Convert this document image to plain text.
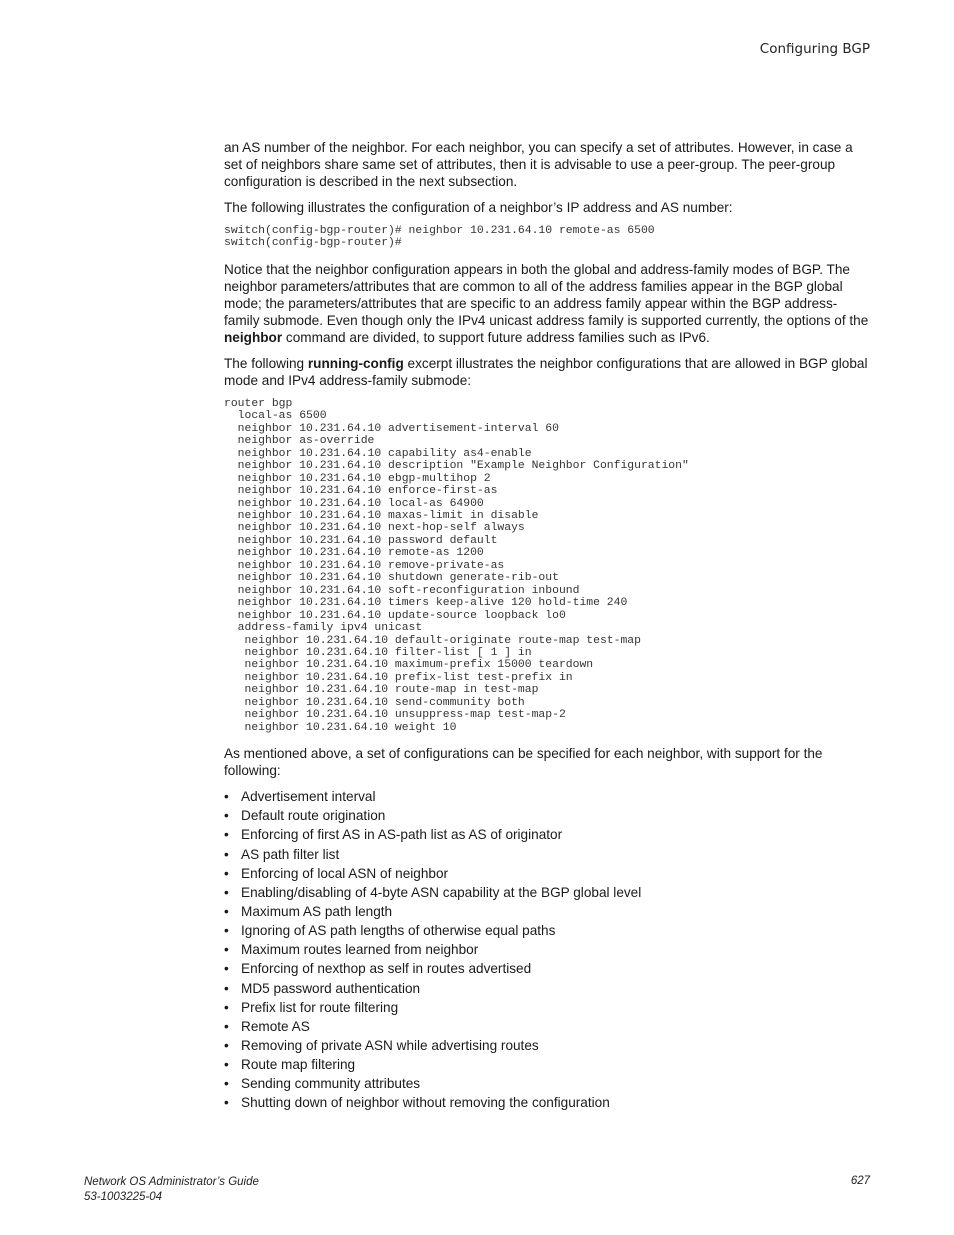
Configuring BGP

an AS number of the neighbor. For each neighbor, you can specify a set of attributes. However, in case a set of neighbors share same set of attributes, then it is advisable to use a peer-group. The peer-group configuration is described in the next subsection.

The following illustrates the configuration of a neighbor’s IP address and AS number:

switch(config-bgp-router)# neighbor 10.231.64.10 remote-as 6500
switch(config-bgp-router)#

Notice that the neighbor configuration appears in both the global and address-family modes of BGP. The neighbor parameters/attributes that are common to all of the address families appear in the BGP global mode; the parameters/attributes that are specific to an address family appear within the BGP address-family submode. Even though only the IPv4 unicast address family is supported currently, the options of the neighbor command are divided, to support future address families such as IPv6.

The following running-config excerpt illustrates the neighbor configurations that are allowed in BGP global mode and IPv4 address-family submode:

router bgp
local-as 6500
neighbor 10.231.64.10 advertisement-interval 60
neighbor as-override
neighbor 10.231.64.10 capability as4-enable
neighbor 10.231.64.10 description "Example Neighbor Configuration"
neighbor 10.231.64.10 ebgp-multihop 2
neighbor 10.231.64.10 enforce-first-as
neighbor 10.231.64.10 local-as 64900
neighbor 10.231.64.10 maxas-limit in disable
neighbor 10.231.64.10 next-hop-self always
neighbor 10.231.64.10 password default
neighbor 10.231.64.10 remote-as 1200
neighbor 10.231.64.10 remove-private-as
neighbor 10.231.64.10 shutdown generate-rib-out
neighbor 10.231.64.10 soft-reconfiguration inbound
neighbor 10.231.64.10 timers keep-alive 120 hold-time 240
neighbor 10.231.64.10 update-source loopback lo0
address-family ipv4 unicast
neighbor 10.231.64.10 default-originate route-map test-map
neighbor 10.231.64.10 filter-list [ 1 ] in
neighbor 10.231.64.10 maximum-prefix 15000 teardown
neighbor 10.231.64.10 prefix-list test-prefix in
neighbor 10.231.64.10 route-map in test-map
neighbor 10.231.64.10 send-community both
neighbor 10.231.64.10 unsuppress-map test-map-2
neighbor 10.231.64.10 weight 10

As mentioned above, a set of configurations can be specified for each neighbor, with support for the following:

• Advertisement interval
• Default route origination
• Enforcing of first AS in AS-path list as AS of originator
• AS path filter list
• Enforcing of local ASN of neighbor
• Enabling/disabling of 4-byte ASN capability at the BGP global level
• Maximum AS path length
• Ignoring of AS path lengths of otherwise equal paths
• Maximum routes learned from neighbor
• Enforcing of nexthop as self in routes advertised
• MD5 password authentication
• Prefix list for route filtering
• Remote AS
• Removing of private ASN while advertising routes
• Route map filtering
• Sending community attributes
• Shutting down of neighbor without removing the configuration
Network OS Administrator’s Guide
53-1003225-04
627
